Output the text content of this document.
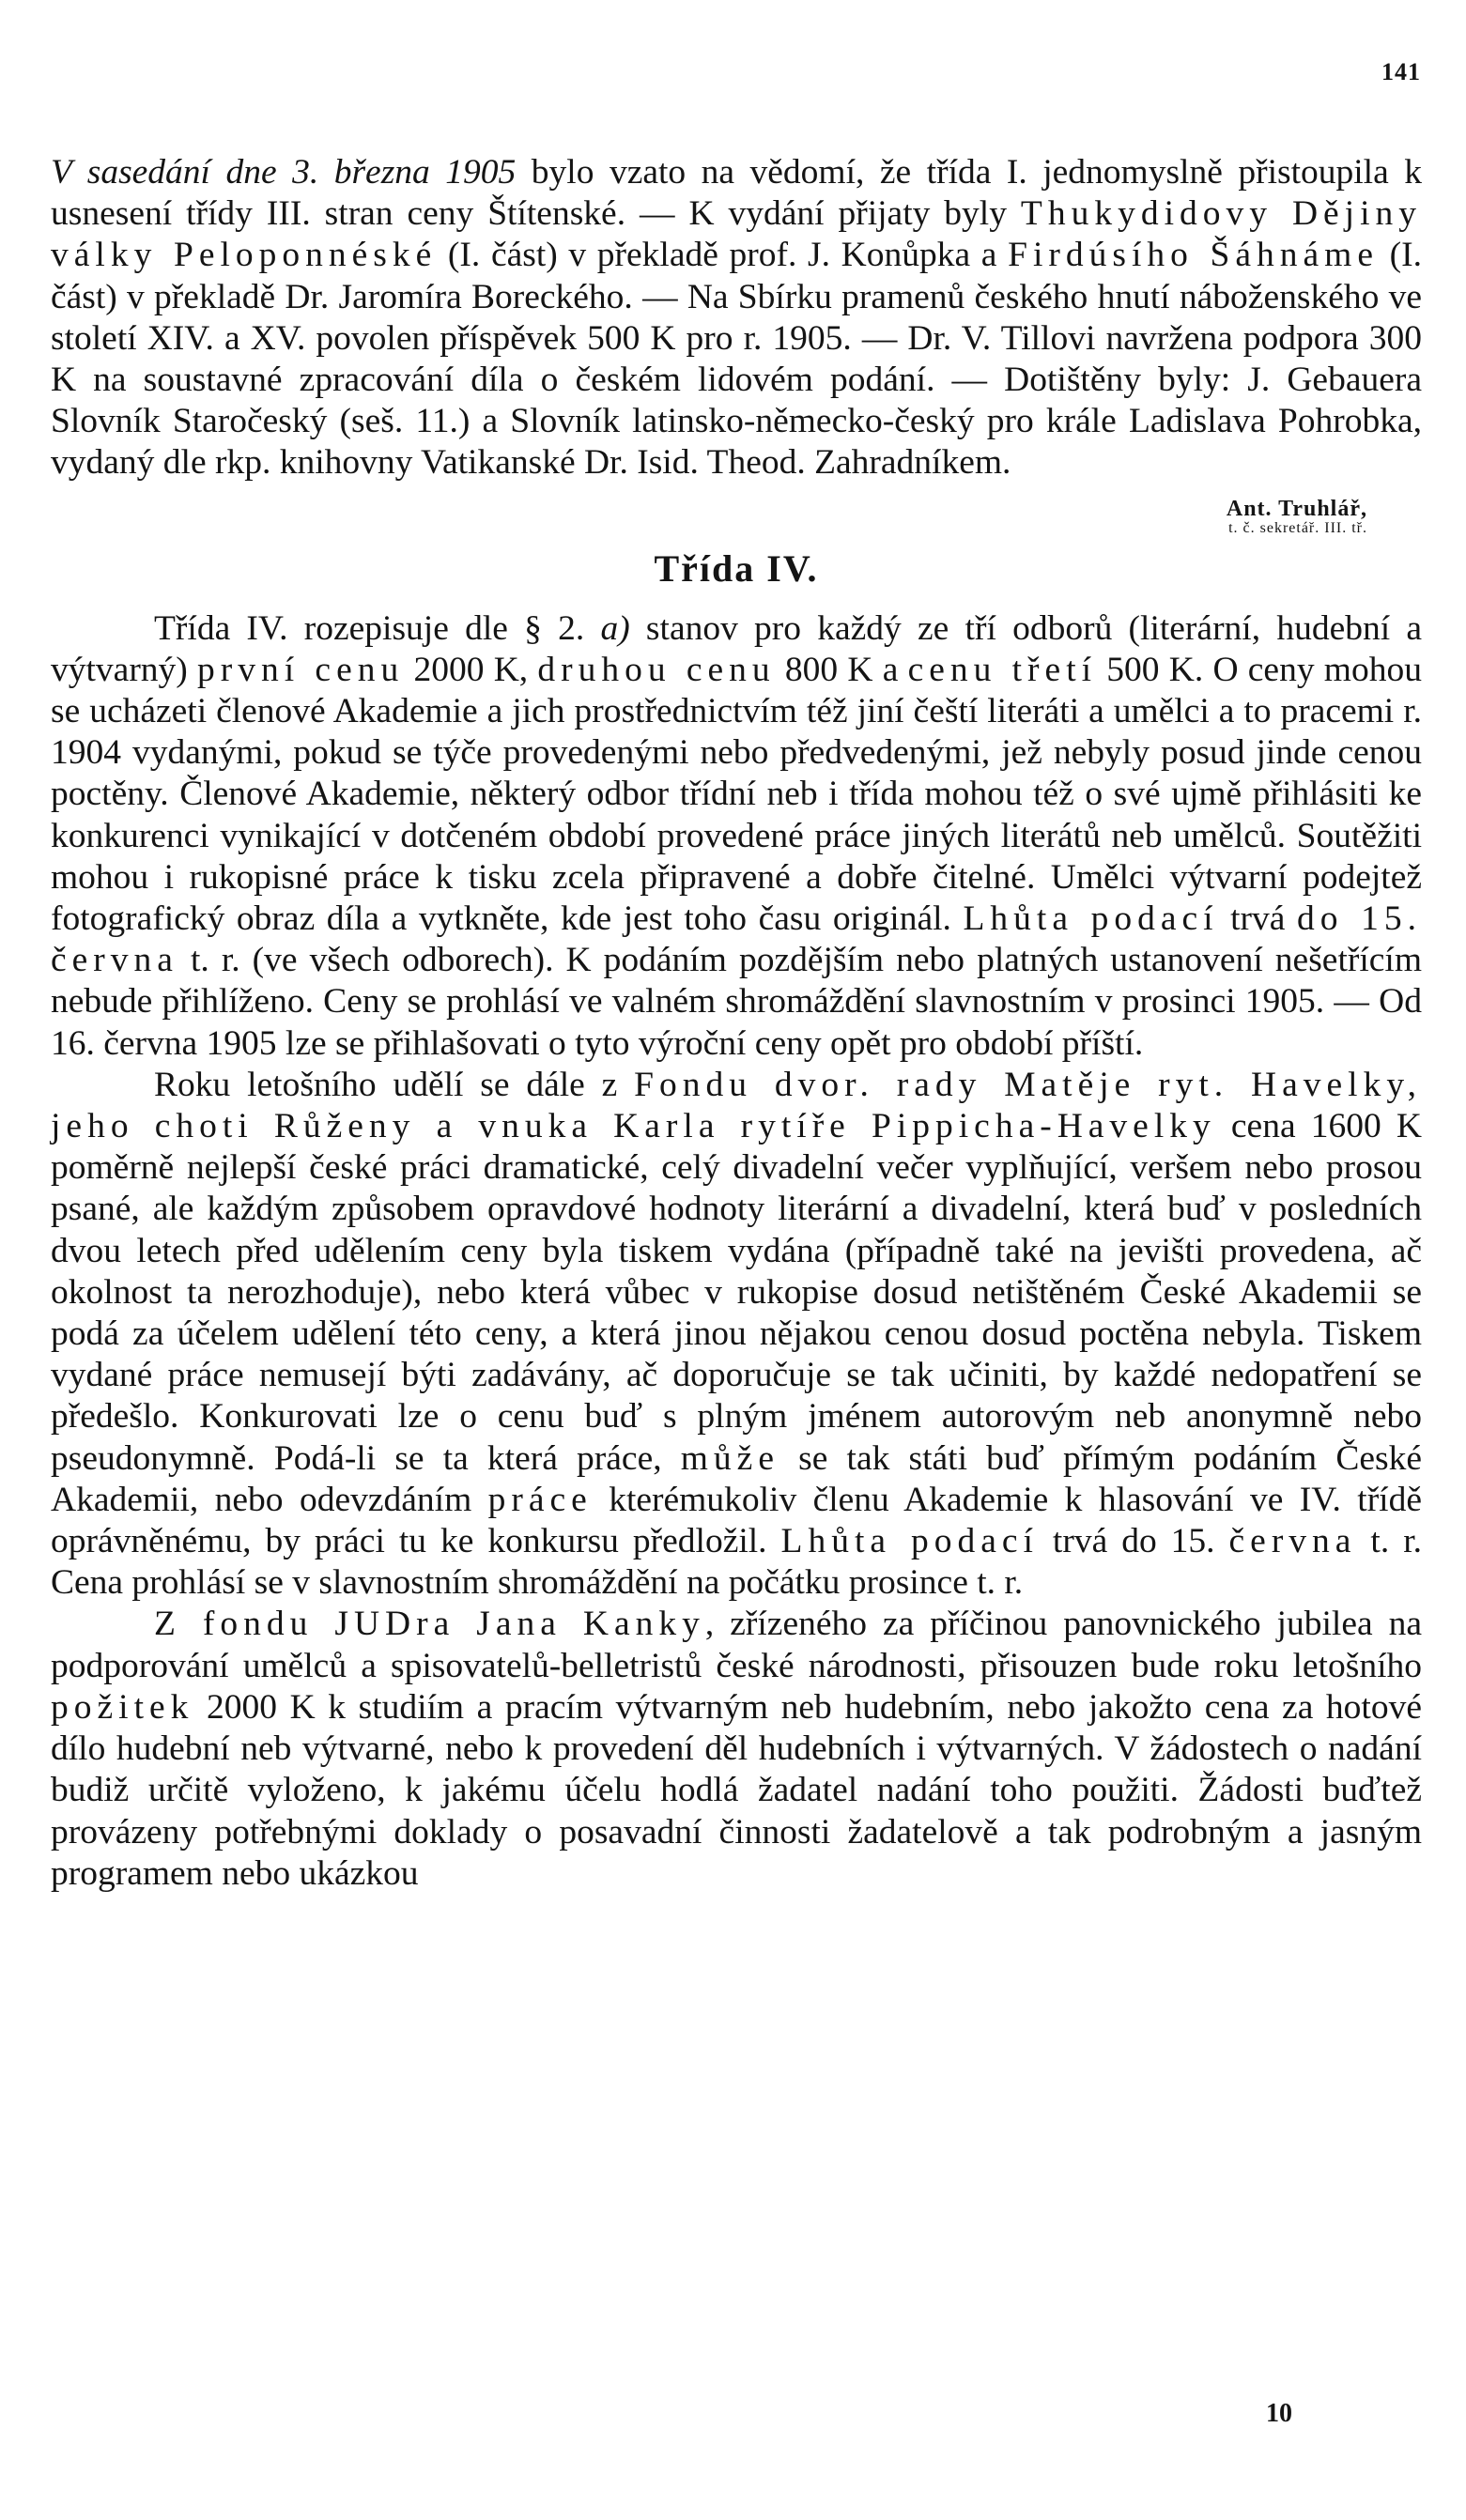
141

V sasedání dne 3. března 1905 bylo vzato na vědomí, že třída I. jednomyslně přistoupila k usnesení třídy III. stran ceny Štítenské. — K vydání přijaty byly Thukydidovy Dějiny války Peloponnéské (I. část) v překladě prof. J. Konůpka a Firdúsího Šáhnáme (I. část) v překladě Dr. Jaromíra Boreckého. — Na Sbírku pramenů českého hnutí náboženského ve století XIV. a XV. povolen příspěvek 500 K pro r. 1905. — Dr. V. Tillovi navržena podpora 300 K na soustavné zpracování díla o českém lidovém podání. — Dotištěny byly: J. Gebauera Slovník Staročeský (seš. 11.) a Slovník latinsko-německo-český pro krále Ladislava Pohrobka, vydaný dle rkp. knihovny Vatikanské Dr. Isid. Theod. Zahradníkem.

Ant. Truhlář,
t. č. sekretář. III. tř.
Třída IV.

Třída IV. rozepisuje dle § 2. a) stanov pro každý ze tří odborů (literární, hudební a výtvarný) první cenu 2000 K, druhou cenu 800 K a cenu třetí 500 K. O ceny mohou se ucházeti členové Akademie a jich prostřednictvím též jiní čeští literáti a umělci a to pracemi r. 1904 vydanými, pokud se týče provedenými nebo předvedenými, jež nebyly posud jinde cenou poctěny. Členové Akademie, některý odbor třídní neb i třída mohou též o své ujmě přihlásiti ke konkurenci vynikající v dotčeném období provedené práce jiných literátů neb umělců. Soutěžiti mohou i rukopisné práce k tisku zcela připravené a dobře čitelné. Umělci výtvarní podejtež fotografický obraz díla a vytkněte, kde jest toho času originál. Lhůta podací trvá do 15. června t. r. (ve všech odborech). K podáním pozdějším nebo platných ustanovení nešetřícím nebude přihlíženo. Ceny se prohlásí ve valném shromáždění slavnostním v prosinci 1905. — Od 16. června 1905 lze se přihlašovati o tyto výroční ceny opět pro období příští.

Roku letošního udělí se dále z Fondu dvor. rady Matěje ryt. Havelky, jeho choti Růženy a vnuka Karla rytíře Pippicha-Havelky cena 1600 K poměrně nejlepší české práci dramatické, celý divadelní večer vyplňující, veršem nebo prosou psané, ale každým způsobem opravdové hodnoty literární a divadelní, která buď v posledních dvou letech před udělením ceny byla tiskem vydána (případně také na jevišti provedena, ač okolnost ta nerozhoduje), nebo která vůbec v rukopise dosud netištěném České Akademii se podá za účelem udělení této ceny, a která jinou nějakou cenou dosud poctěna nebyla. Tiskem vydané práce nemusejí býti zadávány, ač doporučuje se tak učiniti, by každé nedopatření se předešlo. Konkurovati lze o cenu buď s plným jménem autorovým neb anonymně nebo pseudonymně. Podá-li se ta která práce, může se tak státi buď přímým podáním České Akademii, nebo odevzdáním práce kterémukoliv členu Akademie k hlasování ve IV. třídě oprávněnému, by práci tu ke konkursu předložil. Lhůta podací trvá do 15. června t. r. Cena prohlásí se v slavnostním shromáždění na počátku prosince t. r.

Z fondu JUDra Jana Kanky, zřízeného za příčinou panovnického jubilea na podporování umělců a spisovatelů-belletristů české národnosti, přisouzen bude roku letošního požitek 2000 K k studiím a pracím výtvarným neb hudebním, nebo jakožto cena za hotové dílo hudební neb výtvarné, nebo k provedení děl hudebních i výtvarných. V žádostech o nadání budiž určitě vyloženo, k jakému účelu hodlá žadatel nadání toho použiti. Žádosti buďtež provázeny potřebnými doklady o posavadní činnosti žadatelově a tak podrobným a jasným programem nebo ukázkou

10
